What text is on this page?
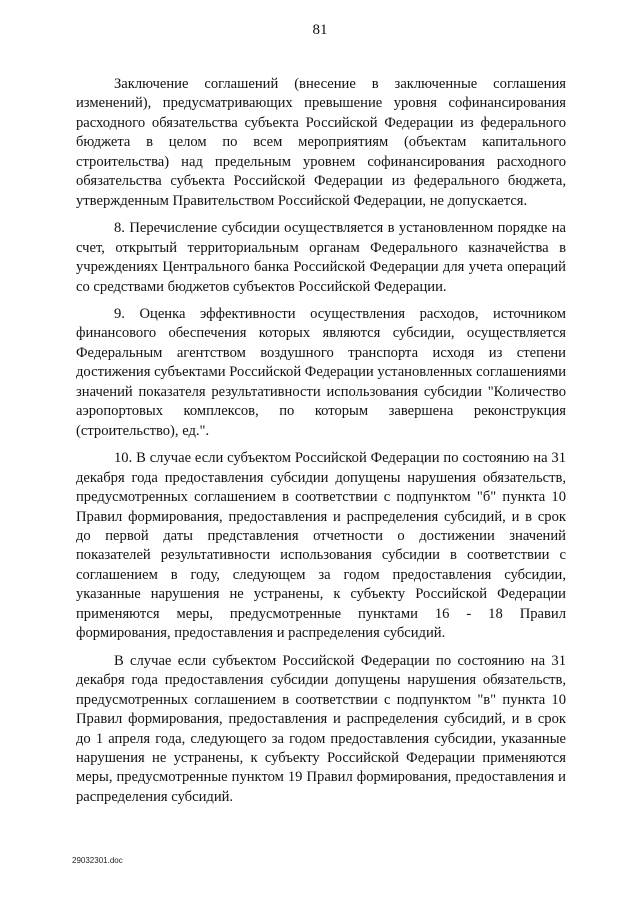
81

Заключение соглашений (внесение в заключенные соглашения изменений), предусматривающих превышение уровня софинансирования расходного обязательства субъекта Российской Федерации из федерального бюджета в целом по всем мероприятиям (объектам капитального строительства) над предельным уровнем софинансирования расходного обязательства субъекта Российской Федерации из федерального бюджета, утвержденным Правительством Российской Федерации, не допускается.

8. Перечисление субсидии осуществляется в установленном порядке на счет, открытый территориальным органам Федерального казначейства в учреждениях Центрального банка Российской Федерации для учета операций со средствами бюджетов субъектов Российской Федерации.

9. Оценка эффективности осуществления расходов, источником финансового обеспечения которых являются субсидии, осуществляется Федеральным агентством воздушного транспорта исходя из степени достижения субъектами Российской Федерации установленных соглашениями значений показателя результативности использования субсидии "Количество аэропортовых комплексов, по которым завершена реконструкция (строительство), ед.".

10. В случае если субъектом Российской Федерации по состоянию на 31 декабря года предоставления субсидии допущены нарушения обязательств, предусмотренных соглашением в соответствии с подпунктом "б" пункта 10 Правил формирования, предоставления и распределения субсидий, и в срок до первой даты представления отчетности о достижении значений показателей результативности использования субсидии в соответствии с соглашением в году, следующем за годом предоставления субсидии, указанные нарушения не устранены, к субъекту Российской Федерации применяются меры, предусмотренные пунктами 16 - 18 Правил формирования, предоставления и распределения субсидий.

В случае если субъектом Российской Федерации по состоянию на 31 декабря года предоставления субсидии допущены нарушения обязательств, предусмотренных соглашением в соответствии с подпунктом "в" пункта 10 Правил формирования, предоставления и распределения субсидий, и в срок до 1 апреля года, следующего за годом предоставления субсидии, указанные нарушения не устранены, к субъекту Российской Федерации применяются меры, предусмотренные пунктом 19 Правил формирования, предоставления и распределения субсидий.

29032301.doc
